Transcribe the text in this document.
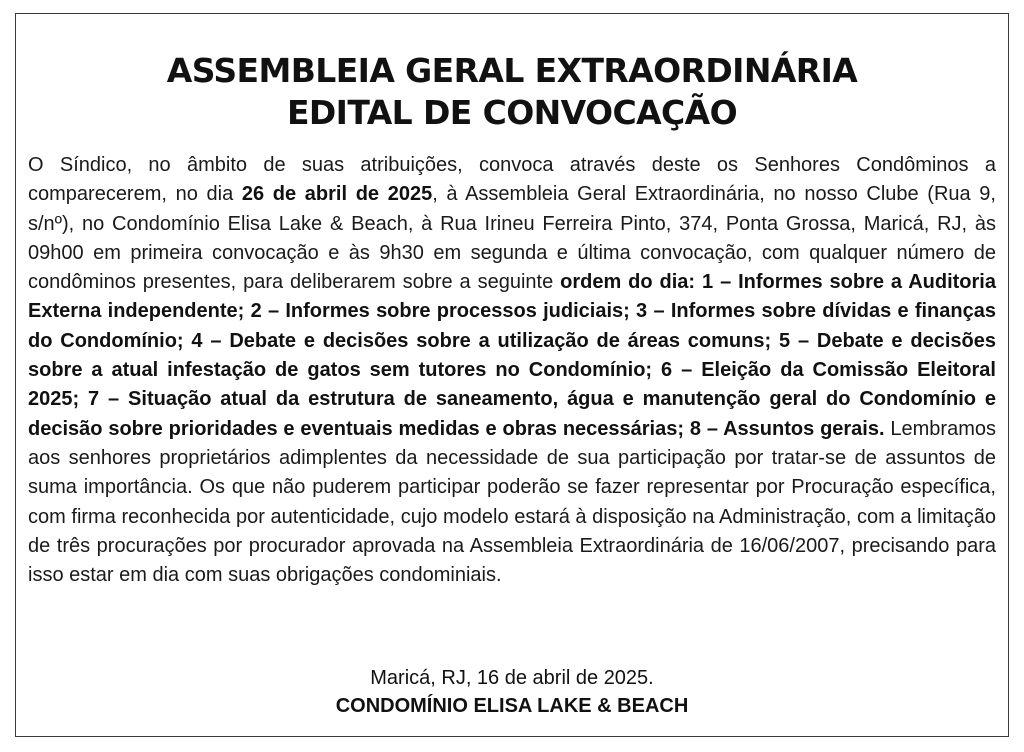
ASSEMBLEIA GERAL EXTRAORDINÁRIA
EDITAL DE CONVOCAÇÃO
O Síndico, no âmbito de suas atribuições, convoca através deste os Senhores Condôminos a comparecerem, no dia 26 de abril de 2025, à Assembleia Geral Extraordinária, no nosso Clube (Rua 9, s/nº), no Condomínio Elisa Lake & Beach, à Rua Irineu Ferreira Pinto, 374, Ponta Grossa, Maricá, RJ, às 09h00 em primeira convocação e às 9h30 em segunda e última convocação, com qualquer número de condôminos presentes, para deliberarem sobre a seguinte ordem do dia: 1 – Informes sobre a Auditoria Externa independente; 2 – Informes sobre processos judiciais; 3 – Informes sobre dívidas e finanças do Condomínio; 4 – Debate e decisões sobre a utilização de áreas comuns; 5 – Debate e decisões sobre a atual infestação de gatos sem tutores no Condomínio; 6 – Eleição da Comissão Eleitoral 2025; 7 – Situação atual da estrutura de saneamento, água e manutenção geral do Condomínio e decisão sobre prioridades e eventuais medidas e obras necessárias; 8 – Assuntos gerais. Lembramos aos senhores proprietários adimplentes da necessidade de sua participação por tratar-se de assuntos de suma importância. Os que não puderem participar poderão se fazer representar por Procuração específica, com firma reconhecida por autenticidade, cujo modelo estará à disposição na Administração, com a limitação de três procurações por procurador aprovada na Assembleia Extraordinária de 16/06/2007, precisando para isso estar em dia com suas obrigações condominiais.
Maricá, RJ, 16 de abril de 2025.
CONDOMÍNIO ELISA LAKE & BEACH
